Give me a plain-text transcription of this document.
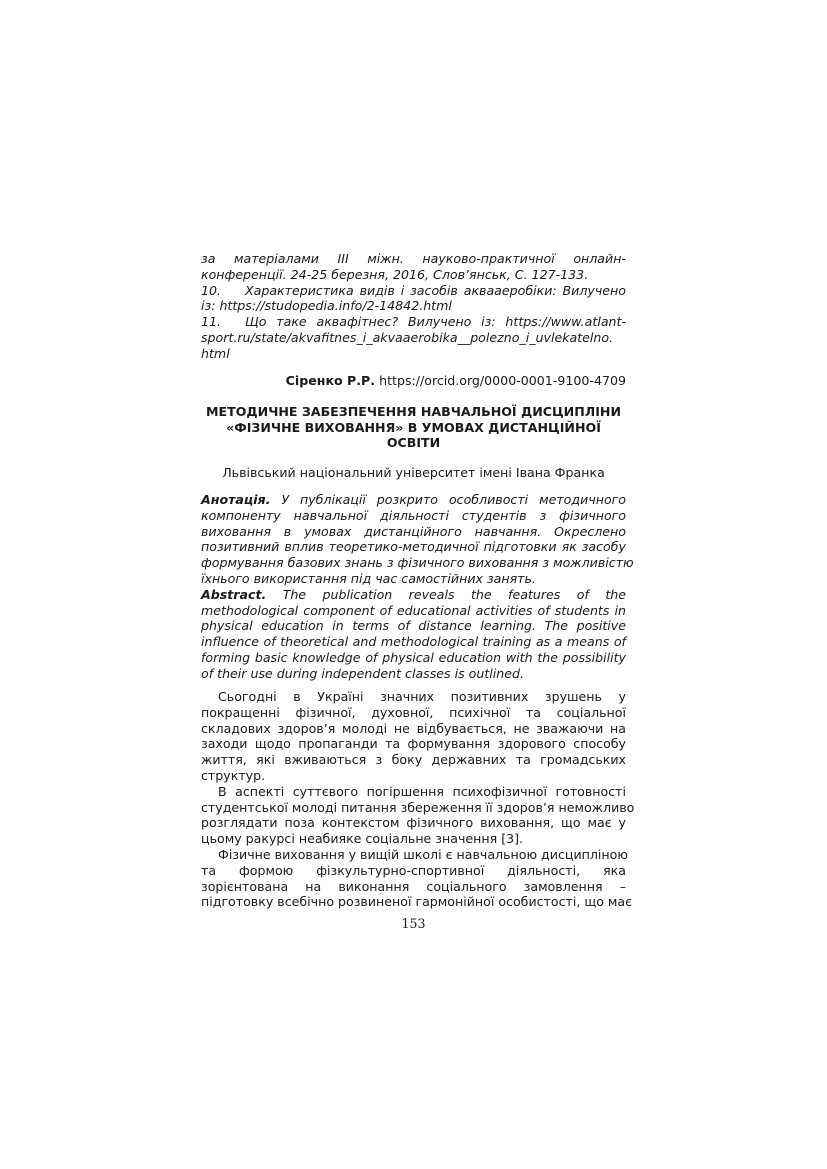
за матеріалами III міжн. науково-практичної онлайн-
конференції. 24-25 березня, 2016, Слов’янськ, С. 127-133.
10. Характеристика видів і засобів аквааеробіки: Вилучено
із: https://studopedia.info/2-14842.html
11. Що таке аквафітнес? Вилучено із: https://www.atlant-
sport.ru/state/akvafitnes_i_akvaaerobika__polezno_i_uvlekatelno.
html
Сіренко Р.Р. https://orcid.org/0000-0001-9100-4709
МЕТОДИЧНЕ ЗАБЕЗПЕЧЕННЯ НАВЧАЛЬНОЇ ДИСЦИПЛІНИ
«ФІЗИЧНЕ ВИХОВАННЯ» В УМОВАХ ДИСТАНЦІЙНОЇ
ОСВІТИ
Львівський національний університет імені Івана Франка
Анотація. У публікації розкрито особливості методичного
компоненту навчальної діяльності студентів з фізичного
виховання в умовах дистанційного навчання. Окреслено
позитивний вплив теоретико-методичної підготовки як засобу
формування базових знань з фізичного виховання з можливістю
їхнього використання під час самостійних занять.
Abstract. The publication reveals the features of the
methodological component of educational activities of students in
physical education in terms of distance learning. The positive
influence of theoretical and methodological training as a means of
forming basic knowledge of physical education with the possibility
of their use during independent classes is outlined.
Сьогодні в Україні значних позитивних зрушень у
покращенні фізичної, духовної, психічної та соціальної
складових здоров’я молоді не відбувається, не зважаючи на
заходи щодо пропаганди та формування здорового способу
життя, які вживаються з боку державних та громадських
структур.
В аспекті суттєвого погіршення психофізичної готовності
студентської молоді питання збереження її здоров’я неможливо
розглядати поза контекстом фізичного виховання, що має у
цьому ракурсі неабияке соціальне значення [3].
Фізичне виховання у вищій школі є навчальною дисципліною
та формою фізкультурно-спортивної діяльності, яка
зорієнтована на виконання соціального замовлення –
підготовку всебічно розвиненої гармонійної особистості, що має
153
